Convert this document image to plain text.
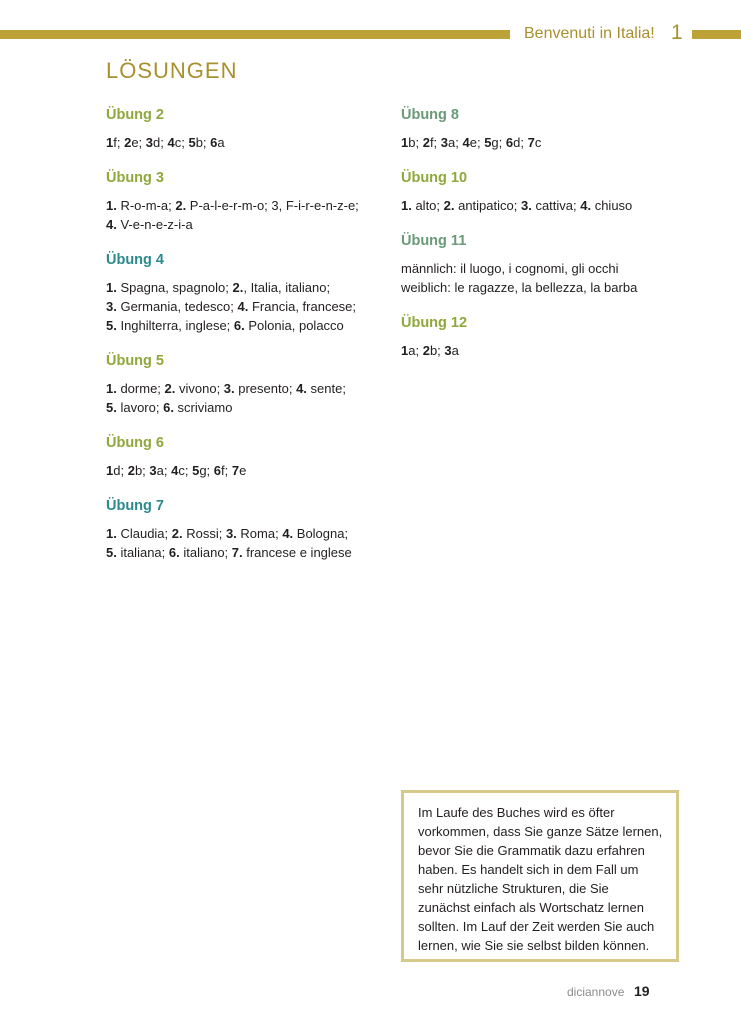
Benvenuti in Italia! 1
LÖSUNGEN
Übung 2

1f; 2e; 3d; 4c; 5b; 6a

Übung 3

1. R-o-m-a; 2. P-a-l-e-r-m-o; 3, F-i-r-e-n-z-e;

4. V-e-n-e-z-i-a

Übung 4

1. Spagna, spagnolo; 2., Italia, italiano;

3. Germania, tedesco; 4. Francia, francese;

5. Inghilterra, inglese; 6. Polonia, polacco

Übung 5

1. dorme; 2. vivono; 3. presento; 4. sente;

5. lavoro; 6. scriviamo

Übung 6

1d; 2b; 3a; 4c; 5g; 6f; 7e

Übung 7

1. Claudia; 2. Rossi; 3. Roma; 4. Bologna;

5. italiana; 6. italiano; 7. francese e inglese

Übung 8

1b; 2f; 3a; 4e; 5g; 6d; 7c

Übung 10

1. alto; 2. antipatico; 3. cattiva; 4. chiuso

Übung 11

männlich: il luogo, i cognomi, gli occhi

weiblich: le ragazze, la bellezza, la barba

Übung 12

1a; 2b; 3a

Im Laufe des Buches wird es öfter
vorkommen, dass Sie ganze Sätze lernen,
bevor Sie die Grammatik dazu erfahren
haben. Es handelt sich in dem Fall um
sehr nützliche Strukturen, die Sie
zunächst einfach als Wortschatz lernen
sollten. Im Lauf der Zeit werden Sie auch
lernen, wie Sie sie selbst bilden können.
diciannove 19
